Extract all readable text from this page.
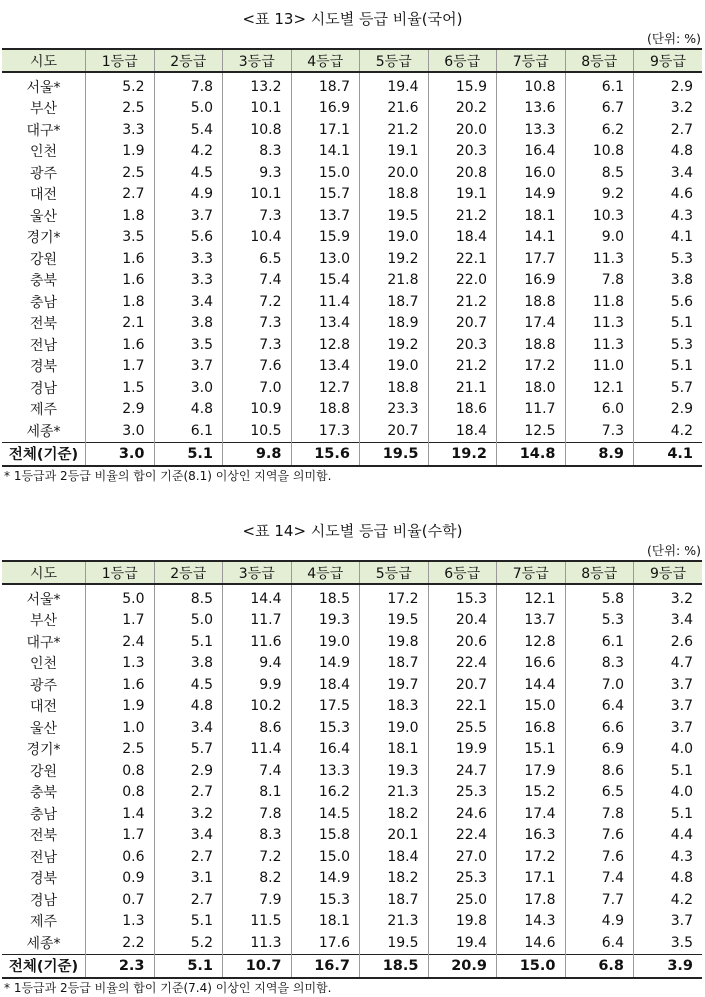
<표 13> 시도별 등급 비율(국어)
(단위: %)
시도	1등급	2등급	3등급	4등급	5등급	6등급	7등급	8등급	9등급
서울*	5.2	7.8	13.2	18.7	19.4	15.9	10.8	6.1	2.9
부산	2.5	5.0	10.1	16.9	21.6	20.2	13.6	6.7	3.2
대구*	3.3	5.4	10.8	17.1	21.2	20.0	13.3	6.2	2.7
인천	1.9	4.2	8.3	14.1	19.1	20.3	16.4	10.8	4.8
광주	2.5	4.5	9.3	15.0	20.0	20.8	16.0	8.5	3.4
대전	2.7	4.9	10.1	15.7	18.8	19.1	14.9	9.2	4.6
울산	1.8	3.7	7.3	13.7	19.5	21.2	18.1	10.3	4.3
경기*	3.5	5.6	10.4	15.9	19.0	18.4	14.1	9.0	4.1
강원	1.6	3.3	6.5	13.0	19.2	22.1	17.7	11.3	5.3
충북	1.6	3.3	7.4	15.4	21.8	22.0	16.9	7.8	3.8
충남	1.8	3.4	7.2	11.4	18.7	21.2	18.8	11.8	5.6
전북	2.1	3.8	7.3	13.4	18.9	20.7	17.4	11.3	5.1
전남	1.6	3.5	7.3	12.8	19.2	20.3	18.8	11.3	5.3
경북	1.7	3.7	7.6	13.4	19.0	21.2	17.2	11.0	5.1
경남	1.5	3.0	7.0	12.7	18.8	21.1	18.0	12.1	5.7
제주	2.9	4.8	10.9	18.8	23.3	18.6	11.7	6.0	2.9
세종*	3.0	6.1	10.5	17.3	20.7	18.4	12.5	7.3	4.2
전체(기준)	3.0	5.1	9.8	15.6	19.5	19.2	14.8	8.9	4.1
* 1등급과 2등급 비율의 합이 기준(8.1) 이상인 지역을 의미함.
<표 14> 시도별 등급 비율(수학)
(단위: %)
시도	1등급	2등급	3등급	4등급	5등급	6등급	7등급	8등급	9등급
서울*	5.0	8.5	14.4	18.5	17.2	15.3	12.1	5.8	3.2
부산	1.7	5.0	11.7	19.3	19.5	20.4	13.7	5.3	3.4
대구*	2.4	5.1	11.6	19.0	19.8	20.6	12.8	6.1	2.6
인천	1.3	3.8	9.4	14.9	18.7	22.4	16.6	8.3	4.7
광주	1.6	4.5	9.9	18.4	19.7	20.7	14.4	7.0	3.7
대전	1.9	4.8	10.2	17.5	18.3	22.1	15.0	6.4	3.7
울산	1.0	3.4	8.6	15.3	19.0	25.5	16.8	6.6	3.7
경기*	2.5	5.7	11.4	16.4	18.1	19.9	15.1	6.9	4.0
강원	0.8	2.9	7.4	13.3	19.3	24.7	17.9	8.6	5.1
충북	0.8	2.7	8.1	16.2	21.3	25.3	15.2	6.5	4.0
충남	1.4	3.2	7.8	14.5	18.2	24.6	17.4	7.8	5.1
전북	1.7	3.4	8.3	15.8	20.1	22.4	16.3	7.6	4.4
전남	0.6	2.7	7.2	15.0	18.4	27.0	17.2	7.6	4.3
경북	0.9	3.1	8.2	14.9	18.2	25.3	17.1	7.4	4.8
경남	0.7	2.7	7.9	15.3	18.7	25.0	17.8	7.7	4.2
제주	1.3	5.1	11.5	18.1	21.3	19.8	14.3	4.9	3.7
세종*	2.2	5.2	11.3	17.6	19.5	19.4	14.6	6.4	3.5
전체(기준)	2.3	5.1	10.7	16.7	18.5	20.9	15.0	6.8	3.9
* 1등급과 2등급 비율의 합이 기준(7.4) 이상인 지역을 의미함.
